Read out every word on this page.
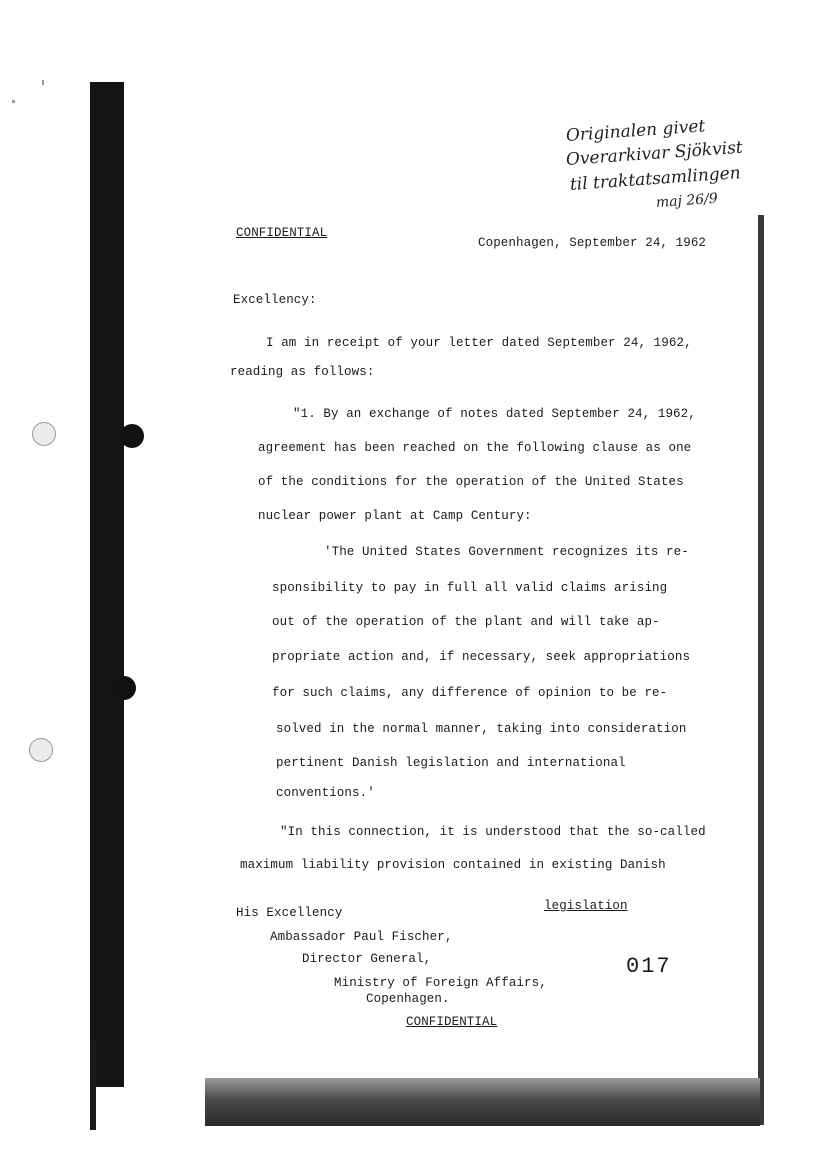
Originalen givet
Overarkivar Sjökvist
til traktatsamlingen
maj 26/9
CONFIDENTIAL
Copenhagen, September 24, 1962
Excellency:
I am in receipt of your letter dated September 24, 1962,
reading as follows:
"1. By an exchange of notes dated September 24, 1962,
agreement has been reached on the following clause as one
of the conditions for the operation of the United States
nuclear power plant at Camp Century:
'The United States Government recognizes its re-
sponsibility to pay in full all valid claims arising
out of the operation of the plant and will take ap-
propriate action and, if necessary, seek appropriations
for such claims, any difference of opinion to be re-
solved in the normal manner, taking into consideration
pertinent Danish legislation and international
conventions.'
"In this connection, it is understood that the so-called
maximum liability provision contained in existing Danish
legislation
His Excellency
Ambassador Paul Fischer,
Director General,
Ministry of Foreign Affairs,
Copenhagen.
017
CONFIDENTIAL
